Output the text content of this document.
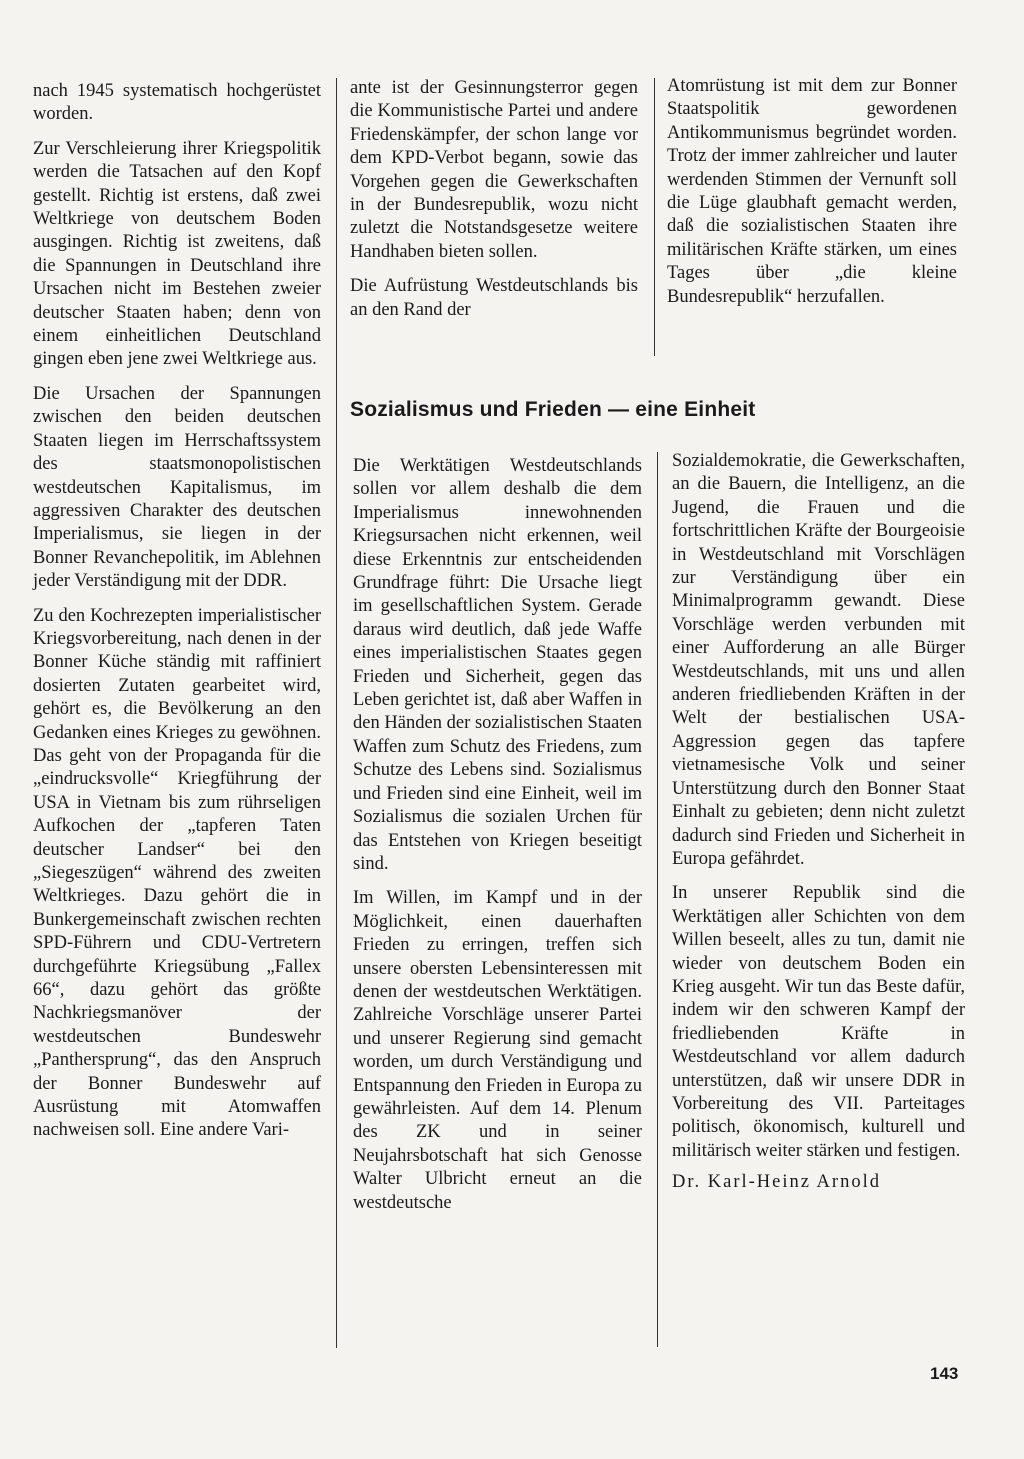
nach 1945 systematisch hochgerüstet worden.

Zur Verschleierung ihrer Kriegspolitik werden die Tatsachen auf den Kopf gestellt. Richtig ist erstens, daß zwei Weltkriege von deutschem Boden ausgingen. Richtig ist zweitens, daß die Spannungen in Deutschland ihre Ursachen nicht im Bestehen zweier deutscher Staaten haben; denn von einem einheitlichen Deutschland gingen eben jene zwei Weltkriege aus.

Die Ursachen der Spannungen zwischen den beiden deutschen Staaten liegen im Herrschaftssystem des staatsmonopolistischen westdeutschen Kapitalismus, im aggressiven Charakter des deutschen Imperialismus, sie liegen in der Bonner Revanchepolitik, im Ablehnen jeder Verständigung mit der DDR.

Zu den Kochrezepten imperialistischer Kriegsvorbereitung, nach denen in der Bonner Küche ständig mit raffiniert dosierten Zutaten gearbeitet wird, gehört es, die Bevölkerung an den Gedanken eines Krieges zu gewöhnen. Das geht von der Propaganda für die „eindrucksvolle“ Kriegführung der USA in Vietnam bis zum rührseligen Aufkochen der „tapferen Taten deutscher Landser“ bei den „Siegeszügen“ während des zweiten Weltkrieges. Dazu gehört die in Bunkergemeinschaft zwischen rechten SPD-Führern und CDU-Vertretern durchgeführte Kriegsübung „Fallex 66“, dazu gehört das größte Nachkriegsmanöver der westdeutschen Bundeswehr „Panthersprung“, das den Anspruch der Bonner Bundeswehr auf Ausrüstung mit Atomwaffen nachweisen soll. Eine andere Vari-

ante ist der Gesinnungsterror gegen die Kommunistische Partei und andere Friedenskämpfer, der schon lange vor dem KPD-Verbot begann, sowie das Vorgehen gegen die Gewerkschaften in der Bundesrepublik, wozu nicht zuletzt die Notstandsgesetze weitere Handhaben bieten sollen.

Die Aufrüstung Westdeutschlands bis an den Rand der

Atomrüstung ist mit dem zur Bonner Staatspolitik gewordenen Antikommunismus begründet worden. Trotz der immer zahlreicher und lauter werdenden Stimmen der Vernunft soll die Lüge glaubhaft gemacht werden, daß die sozialistischen Staaten ihre militärischen Kräfte stärken, um eines Tages über „die kleine Bundesrepublik“ herzufallen.

Sozialismus und Frieden — eine Einheit

Die Werktätigen Westdeutschlands sollen vor allem deshalb die dem Imperialismus innewohnenden Kriegsursachen nicht erkennen, weil diese Erkenntnis zur entscheidenden Grundfrage führt: Die Ursache liegt im gesellschaftlichen System. Gerade daraus wird deutlich, daß jede Waffe eines imperialistischen Staates gegen Frieden und Sicherheit, gegen das Leben gerichtet ist, daß aber Waffen in den Händen der sozialistischen Staaten Waffen zum Schutz des Friedens, zum Schutze des Lebens sind. Sozialismus und Frieden sind eine Einheit, weil im Sozialismus die sozialen Urchen für das Entstehen von Kriegen beseitigt sind.

Im Willen, im Kampf und in der Möglichkeit, einen dauerhaften Frieden zu erringen, treffen sich unsere obersten Lebensinteressen mit denen der westdeutschen Werktätigen. Zahlreiche Vorschläge unserer Partei und unserer Regierung sind gemacht worden, um durch Verständigung und Entspannung den Frieden in Europa zu gewährleisten. Auf dem 14. Plenum des ZK und in seiner Neujahrsbotschaft hat sich Genosse Walter Ulbricht erneut an die westdeutsche

Sozialdemokratie, die Gewerkschaften, an die Bauern, die Intelligenz, an die Jugend, die Frauen und die fortschrittlichen Kräfte der Bourgeoisie in Westdeutschland mit Vorschlägen zur Verständigung über ein Minimalprogramm gewandt. Diese Vorschläge werden verbunden mit einer Aufforderung an alle Bürger Westdeutschlands, mit uns und allen anderen friedliebenden Kräften in der Welt der bestialischen USA-Aggression gegen das tapfere vietnamesische Volk und seiner Unterstützung durch den Bonner Staat Einhalt zu gebieten; denn nicht zuletzt dadurch sind Frieden und Sicherheit in Europa gefährdet.

In unserer Republik sind die Werktätigen aller Schichten von dem Willen beseelt, alles zu tun, damit nie wieder von deutschem Boden ein Krieg ausgeht. Wir tun das Beste dafür, indem wir den schweren Kampf der friedliebenden Kräfte in Westdeutschland vor allem dadurch unterstützen, daß wir unsere DDR in Vorbereitung des VII. Parteitages politisch, ökonomisch, kulturell und militärisch weiter stärken und festigen.

Dr. Karl-Heinz Arnold

143
